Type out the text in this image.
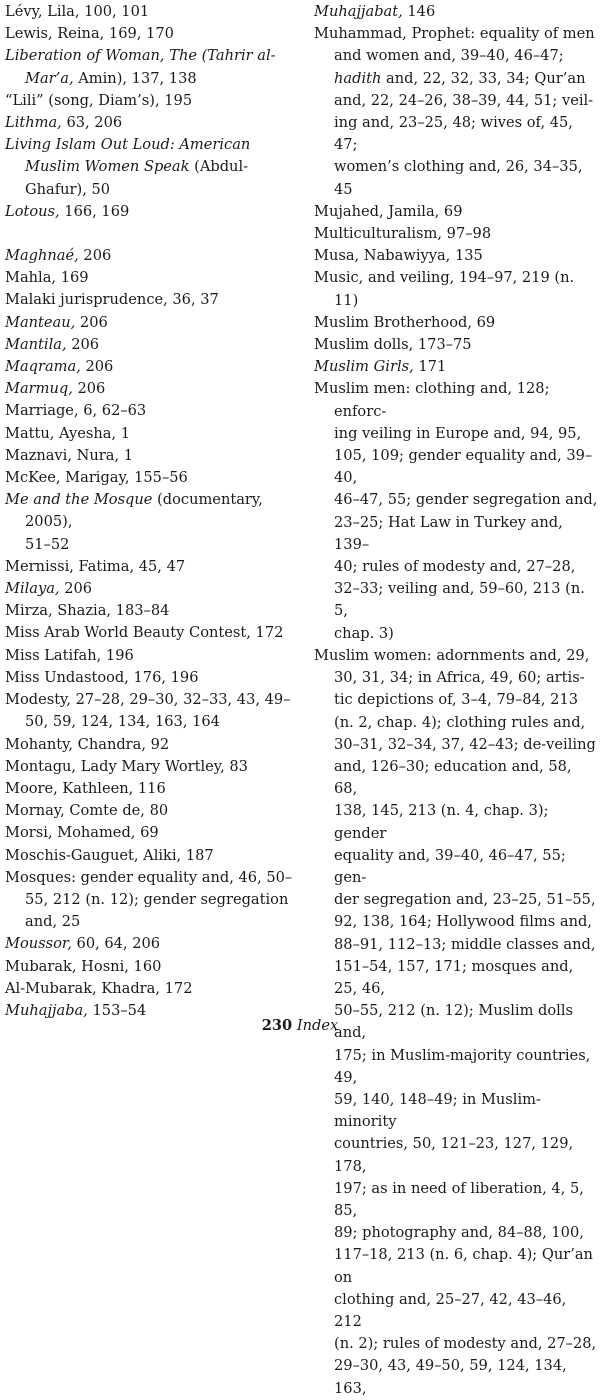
Lévy, Lila, 100, 101

Lewis, Reina, 169, 170

Liberation of Woman, The (Tahrir al-Mar’a, Amin), 137, 138

“Lili” (song, Diam’s), 195

Lithma, 63, 206

Living Islam Out Loud: American Muslim Women Speak (Abdul-Ghafur), 50

Lotous, 166, 169

Maghnaé, 206

Mahla, 169

Malaki jurisprudence, 36, 37

Manteau, 206

Mantila, 206

Maqrama, 206

Marmuq, 206

Marriage, 6, 62–63

Mattu, Ayesha, 1

Maznavi, Nura, 1

McKee, Marigay, 155–56

Me and the Mosque (documentary, 2005),
51–52

Mernissi, Fatima, 45, 47

Milaya, 206

Mirza, Shazia, 183–84

Miss Arab World Beauty Contest, 172

Miss Latifah, 196

Miss Undastood, 176, 196

Modesty, 27–28, 29–30, 32–33, 43, 49–
50, 59, 124, 134, 163, 164

Mohanty, Chandra, 92

Montagu, Lady Mary Wortley, 83

Moore, Kathleen, 116

Mornay, Comte de, 80

Morsi, Mohamed, 69

Moschis-Gauguet, Aliki, 187

Mosques: gender equality and, 46, 50–
55, 212 (n. 12); gender segregation
and, 25

Moussor, 60, 64, 206

Mubarak, Hosni, 160

Al-Mubarak, Khadra, 172

Muhajjaba, 153–54

Muhajjabat, 146

Muhammad, Prophet: equality of men
and women and, 39–40, 46–47;
hadith and, 22, 32, 33, 34; Qur’an
and, 22, 24–26, 38–39, 44, 51; veil-
ing and, 23–25, 48; wives of, 45, 47;
women’s clothing and, 26, 34–35, 45

Mujahed, Jamila, 69

Multiculturalism, 97–98

Musa, Nabawiyya, 135

Music, and veiling, 194–97, 219 (n. 11)

Muslim Brotherhood, 69

Muslim dolls, 173–75

Muslim Girls, 171

Muslim men: clothing and, 128; enforc-
ing veiling in Europe and, 94, 95,
105, 109; gender equality and, 39–40,
46–47, 55; gender segregation and,
23–25; Hat Law in Turkey and, 139–
40; rules of modesty and, 27–28,
32–33; veiling and, 59–60, 213 (n. 5,
chap. 3)

Muslim women: adornments and, 29,
30, 31, 34; in Africa, 49, 60; artis-
tic depictions of, 3–4, 79–84, 213
(n. 2, chap. 4); clothing rules and,
30–31, 32–34, 37, 42–43; de-veiling
and, 126–30; education and, 58, 68,
138, 145, 213 (n. 4, chap. 3); gender
equality and, 39–40, 46–47, 55; gen-
der segregation and, 23–25, 51–55,
92, 138, 164; Hollywood films and,
88–91, 112–13; middle classes and,
151–54, 157, 171; mosques and, 25, 46,
50–55, 212 (n. 12); Muslim dolls and,
175; in Muslim-majority countries, 49,
59, 140, 148–49; in Muslim-minority
countries, 50, 121–23, 127, 129, 178,
197; as in need of liberation, 4, 5, 85,
89; photography and, 84–88, 100,
117–18, 213 (n. 6, chap. 4); Qur’an on
clothing and, 25–27, 42, 43–46, 212
(n. 2); rules of modesty and, 27–28,
29–30, 43, 49–50, 59, 124, 134, 163,

230 Index
